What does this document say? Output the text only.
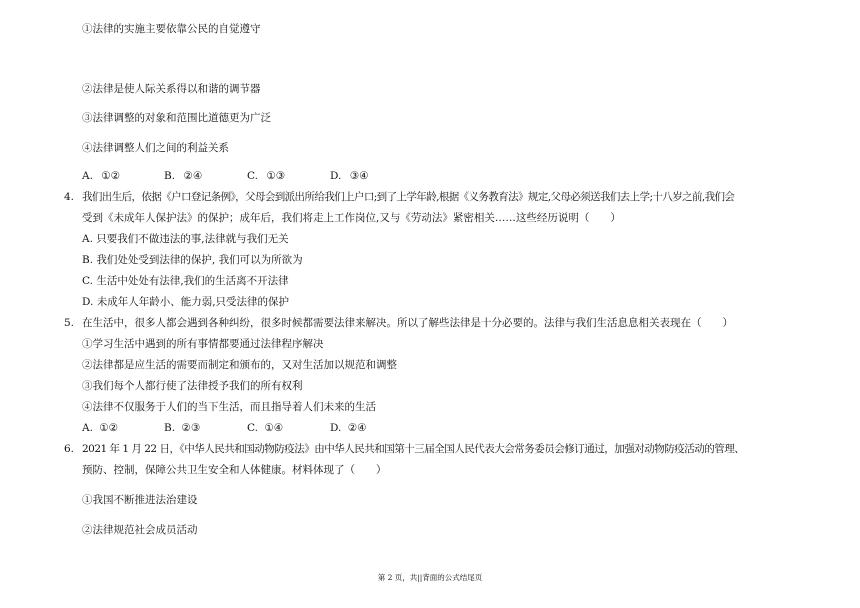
①法律的实施主要依靠公民的自觉遵守
②法律是使人际关系得以和谐的调节器
③法律调整的对象和范围比道德更为广泛
④法律调整人们之间的利益关系
A. ①②	B. ②④	C. ①③	D. ③④
4. 我们出生后，依据《户口登记条例》，父母会到派出所给我们上户口;到了上学年龄,根据《义务教育法》规定,父母必须送我们去上学;十八岁之前,我们会
受到《未成年人保护法》的保护；成年后，我们将走上工作岗位,又与《劳动法》紧密相关……这些经历说明（　　）
A. 只要我们不做违法的事,法律就与我们无关
B. 我们处处受到法律的保护, 我们可以为所欲为
C. 生活中处处有法律,我们的生活离不开法律
D. 未成年人年龄小、能力弱,只受法律的保护
5. 在生活中，很多人都会遇到各种纠纷，很多时候都需要法律来解决。所以了解些法律是十分必要的。法律与我们生活息息相关表现在（　　）
①学习生活中遇到的所有事情都要通过法律程序解决
②法律都是应生活的需要而制定和颁布的，又对生活加以规范和调整
③我们每个人都行使了法律授予我们的所有权利
④法律不仅服务于人们的当下生活，而且指导着人们未来的生活
A. ①②	B. ②③	C. ①④	D. ②④
6. 2021 年 1 月 22 日，《中华人民共和国动物防疫法》由中华人民共和国第十三届全国人民代表大会常务委员会修订通过，加强对动物防疫活动的管理、
预防、控制，保障公共卫生安全和人体健康。材料体现了（　　）
①我国不断推进法治建设
②法律规范社会成员活动
第 2 页，共||背面的公式结尾页
